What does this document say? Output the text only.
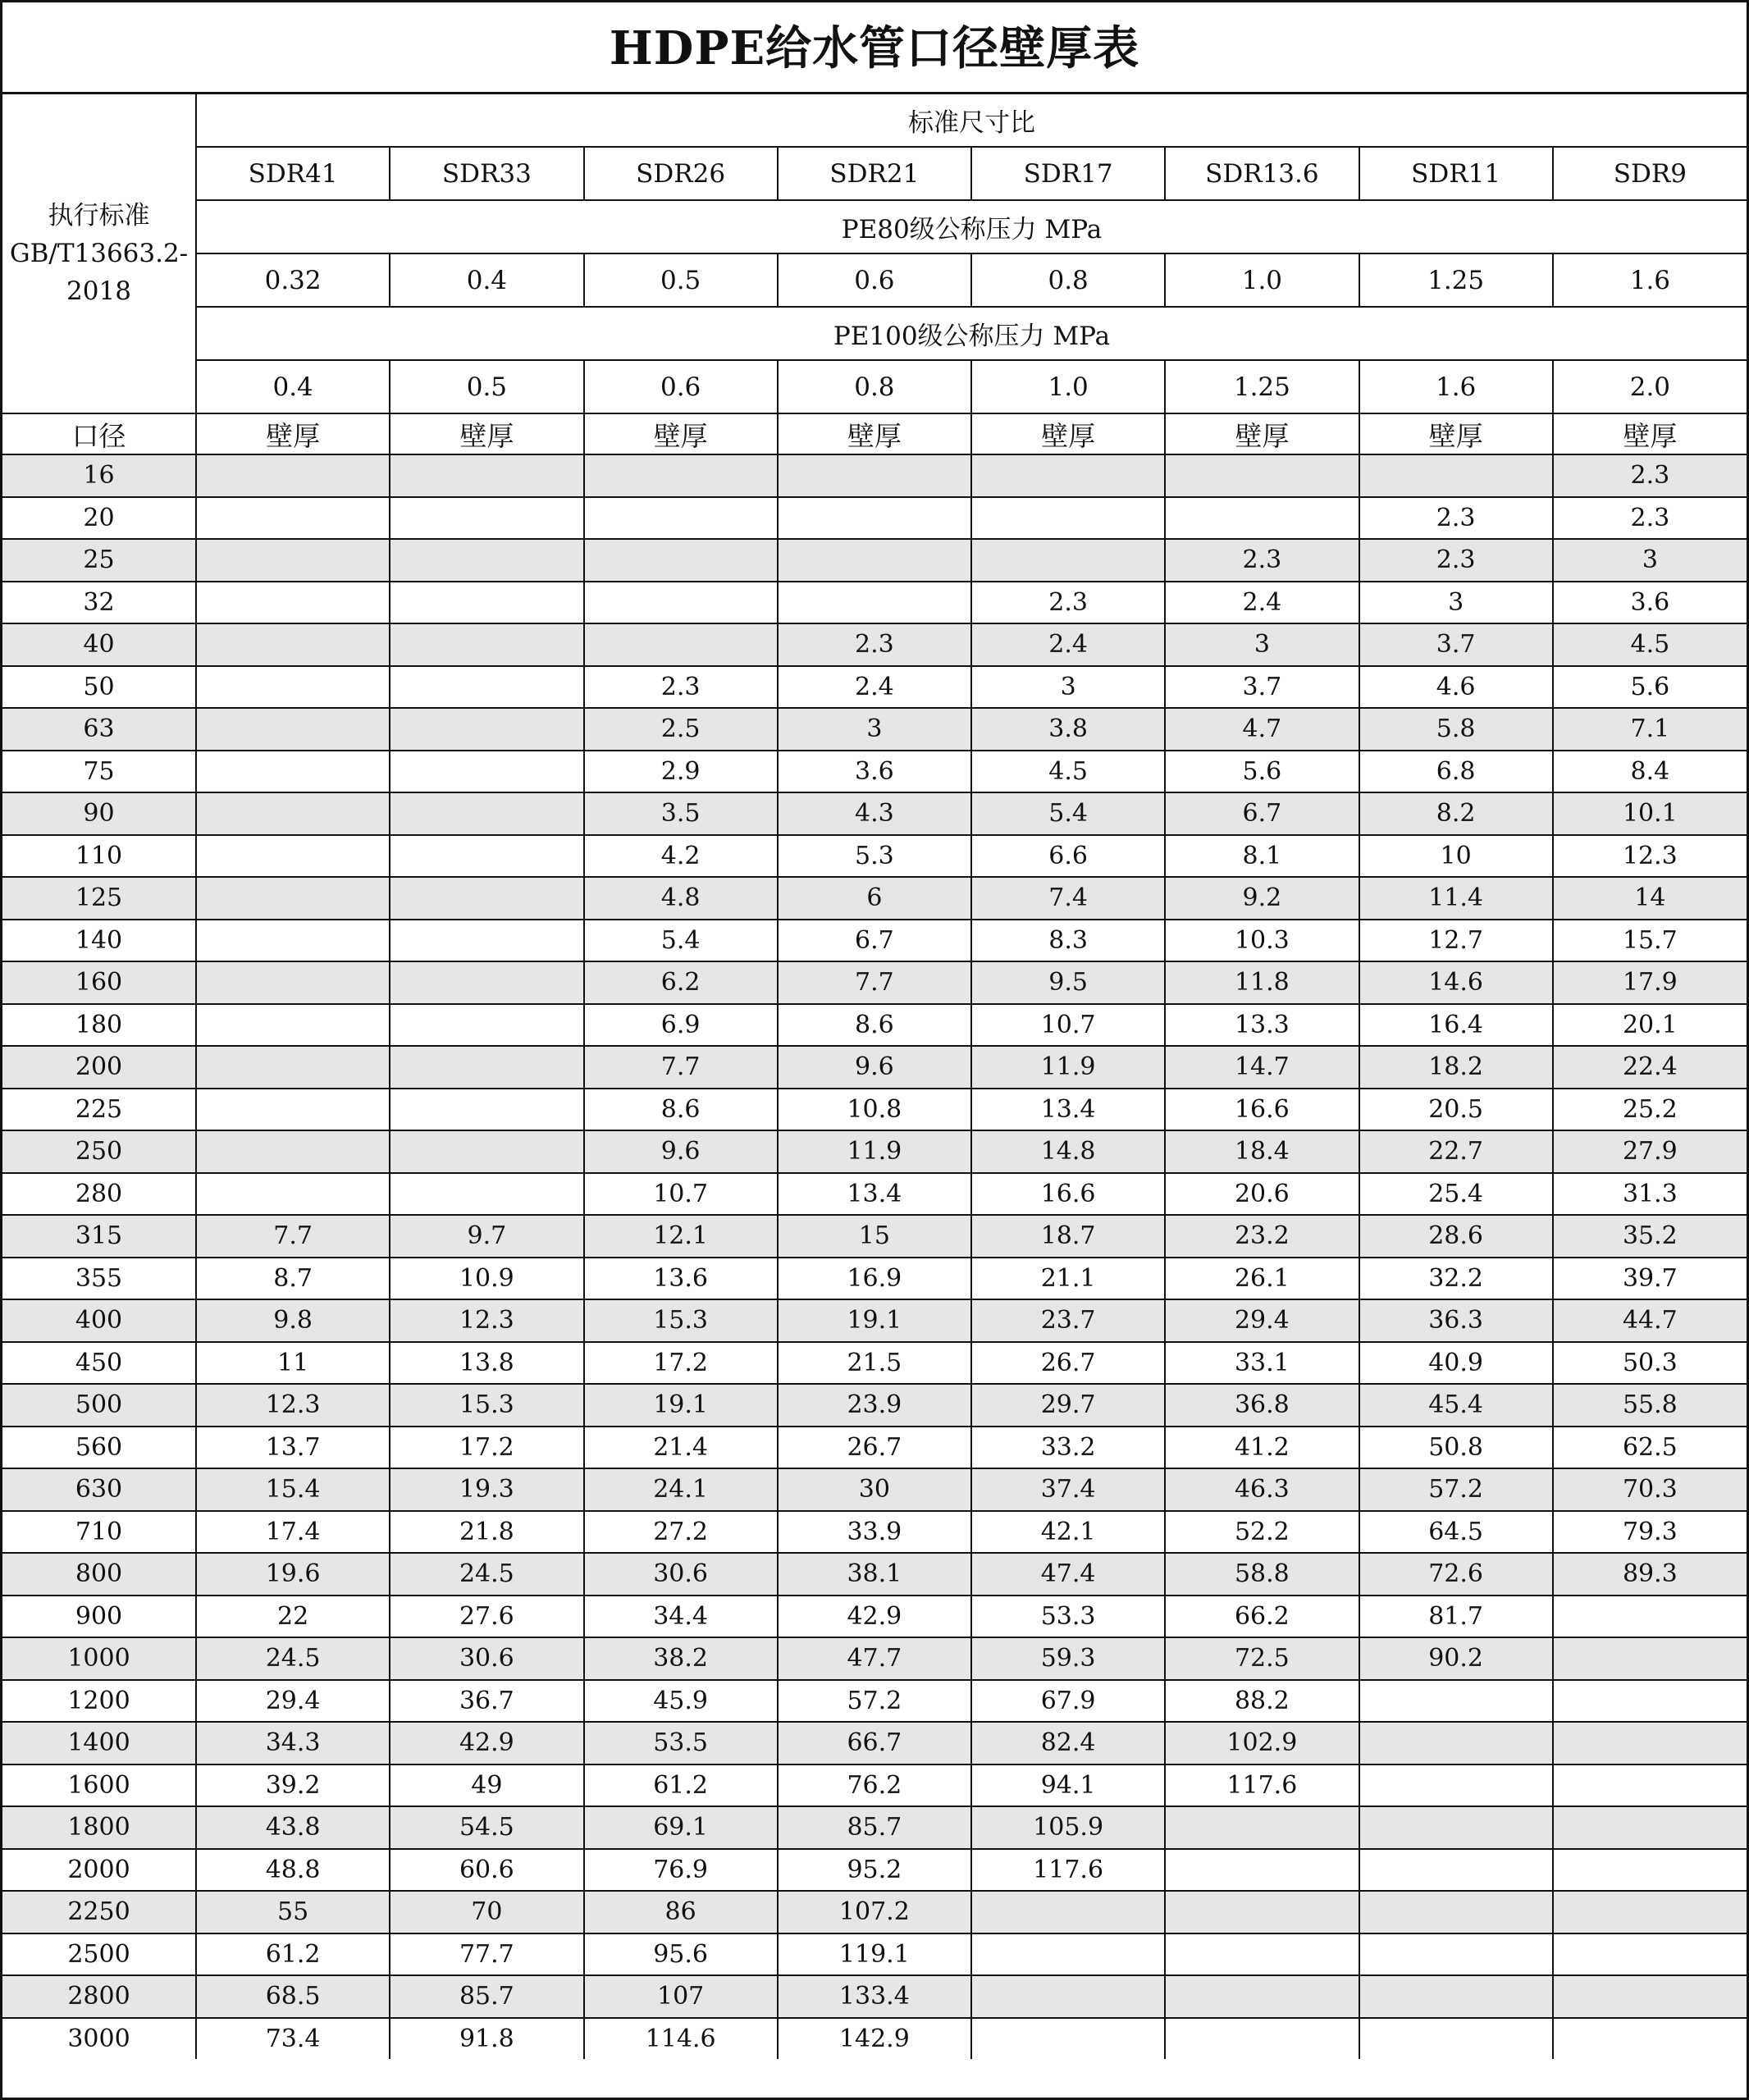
HDPE给水管口径壁厚表
执行标准
GB/T13663.2-
2018	标准尺寸比							
	SDR41	SDR33	SDR26	SDR21	SDR17	SDR13.6	SDR11	SDR9
	PE80级公称压力 MPa							
	0.32	0.4	0.5	0.6	0.8	1.0	1.25	1.6
	PE100级公称压力 MPa							
	0.4	0.5	0.6	0.8	1.0	1.25	1.6	2.0
口径	壁厚	壁厚	壁厚	壁厚	壁厚	壁厚	壁厚	壁厚
16								2.3
20							2.3	2.3
25						2.3	2.3	3
32					2.3	2.4	3	3.6
40				2.3	2.4	3	3.7	4.5
50			2.3	2.4	3	3.7	4.6	5.6
63			2.5	3	3.8	4.7	5.8	7.1
75			2.9	3.6	4.5	5.6	6.8	8.4
90			3.5	4.3	5.4	6.7	8.2	10.1
110			4.2	5.3	6.6	8.1	10	12.3
125			4.8	6	7.4	9.2	11.4	14
140			5.4	6.7	8.3	10.3	12.7	15.7
160			6.2	7.7	9.5	11.8	14.6	17.9
180			6.9	8.6	10.7	13.3	16.4	20.1
200			7.7	9.6	11.9	14.7	18.2	22.4
225			8.6	10.8	13.4	16.6	20.5	25.2
250			9.6	11.9	14.8	18.4	22.7	27.9
280			10.7	13.4	16.6	20.6	25.4	31.3
315	7.7	9.7	12.1	15	18.7	23.2	28.6	35.2
355	8.7	10.9	13.6	16.9	21.1	26.1	32.2	39.7
400	9.8	12.3	15.3	19.1	23.7	29.4	36.3	44.7
450	11	13.8	17.2	21.5	26.7	33.1	40.9	50.3
500	12.3	15.3	19.1	23.9	29.7	36.8	45.4	55.8
560	13.7	17.2	21.4	26.7	33.2	41.2	50.8	62.5
630	15.4	19.3	24.1	30	37.4	46.3	57.2	70.3
710	17.4	21.8	27.2	33.9	42.1	52.2	64.5	79.3
800	19.6	24.5	30.6	38.1	47.4	58.8	72.6	89.3
900	22	27.6	34.4	42.9	53.3	66.2	81.7	
1000	24.5	30.6	38.2	47.7	59.3	72.5	90.2	
1200	29.4	36.7	45.9	57.2	67.9	88.2		
1400	34.3	42.9	53.5	66.7	82.4	102.9		
1600	39.2	49	61.2	76.2	94.1	117.6		
1800	43.8	54.5	69.1	85.7	105.9			
2000	48.8	60.6	76.9	95.2	117.6			
2250	55	70	86	107.2				
2500	61.2	77.7	95.6	119.1				
2800	68.5	85.7	107	133.4				
3000	73.4	91.8	114.6	142.9				
